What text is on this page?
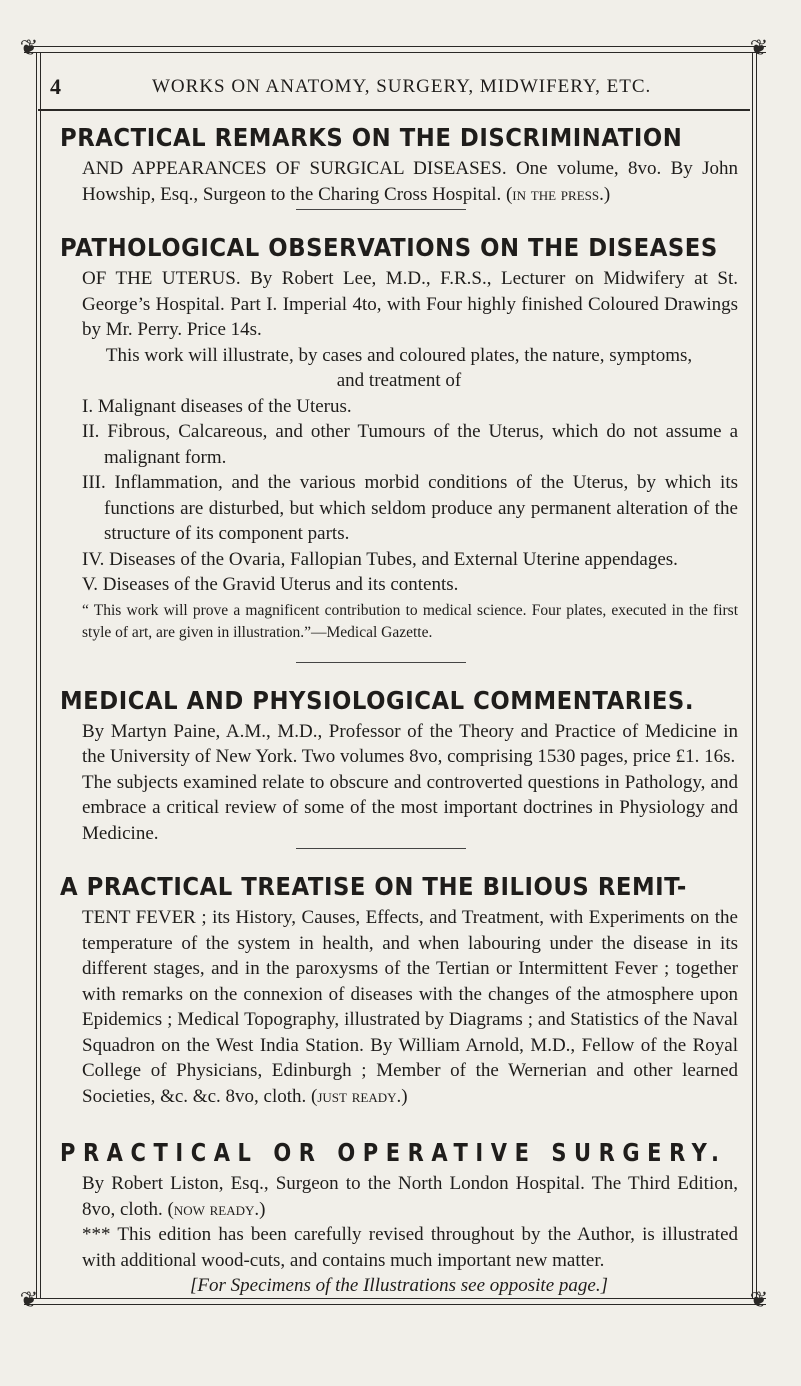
❦	❦
❦	❦
4	WORKS ON ANATOMY, SURGERY, MIDWIFERY, ETC.
PRACTICAL REMARKS ON THE DISCRIMINATION

AND APPEARANCES OF SURGICAL DISEASES. One volume, 8vo. By John Howship, Esq., Surgeon to the Charing Cross Hospital. (in the press.)

PATHOLOGICAL OBSERVATIONS ON THE DISEASES

OF THE UTERUS. By Robert Lee, M.D., F.R.S., Lecturer on Midwifery at St. George’s Hospital. Part I. Imperial 4to, with Four highly finished Coloured Drawings by Mr. Perry. Price 14s.

This work will illustrate, by cases and coloured plates, the nature, symptoms, and treatment of

I. Malignant diseases of the Uterus.

II. Fibrous, Calcareous, and other Tumours of the Uterus, which do not assume a malignant form.

III. Inflammation, and the various morbid conditions of the Uterus, by which its functions are disturbed, but which seldom produce any permanent alteration of the structure of its component parts.

IV. Diseases of the Ovaria, Fallopian Tubes, and External Uterine appendages.

V. Diseases of the Gravid Uterus and its contents.

“ This work will prove a magnificent contribution to medical science. Four plates, executed in the first style of art, are given in illustration.”—Medical Gazette.

MEDICAL AND PHYSIOLOGICAL COMMENTARIES.

By Martyn Paine, A.M., M.D., Professor of the Theory and Practice of Medicine in the University of New York. Two volumes 8vo, comprising 1530 pages, price £1. 16s.

The subjects examined relate to obscure and controverted questions in Pathology, and embrace a critical review of some of the most important doctrines in Physiology and Medicine.

A PRACTICAL TREATISE ON THE BILIOUS REMIT-

TENT FEVER ; its History, Causes, Effects, and Treatment, with Experiments on the temperature of the system in health, and when labouring under the disease in its different stages, and in the paroxysms of the Tertian or Intermittent Fever ; together with remarks on the connexion of diseases with the changes of the atmosphere upon Epidemics ; Medical Topography, illustrated by Diagrams ; and Statistics of the Naval Squadron on the West India Station. By William Arnold, M.D., Fellow of the Royal College of Physicians, Edinburgh ; Member of the Wernerian and other learned Societies, &c. &c. 8vo, cloth. (just ready.)

PRACTICAL OR OPERATIVE SURGERY.

By Robert Liston, Esq., Surgeon to the North London Hospital. The Third Edition, 8vo, cloth. (now ready.)

*** This edition has been carefully revised throughout by the Author, is illustrated with additional wood-cuts, and contains much important new matter.

[For Specimens of the Illustrations see opposite page.]
